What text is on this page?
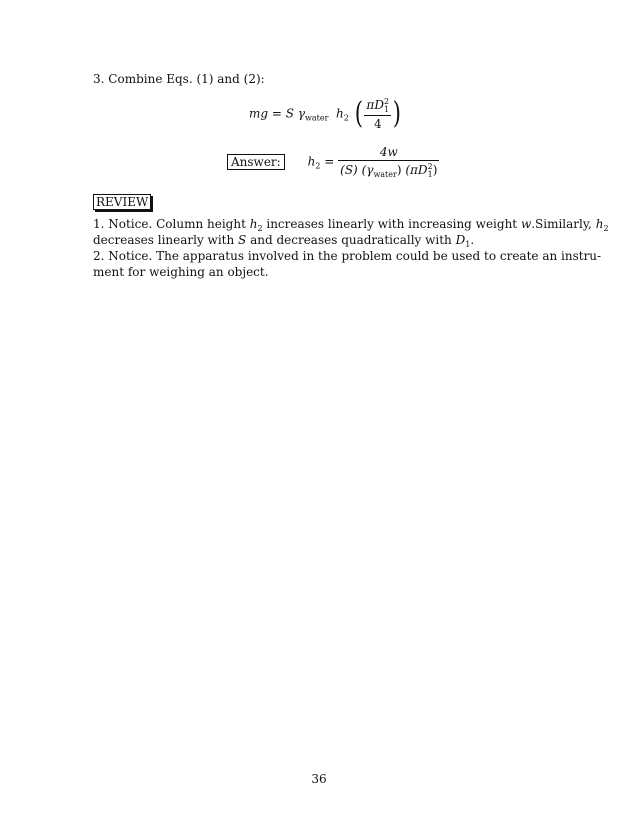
3. Combine Eqs. (1) and (2):
mg = S $\gamma_{water}$ $h_2$ ( $\frac{\pi D^2_1}{4}$ )
Answer: $h_2 = \frac{4w}{(S) (\gamma_{water}) (\pi D^2_1)}$
REVIEW
1. Notice. Column height $h_2$ increases linearly with increasing weight w.Similarly, $h_2$
decreases linearly with S and decreases quadratically with $D_1$.
2. Notice. The apparatus involved in the problem could be used to create an instru-
ment for weighing an object.
36
